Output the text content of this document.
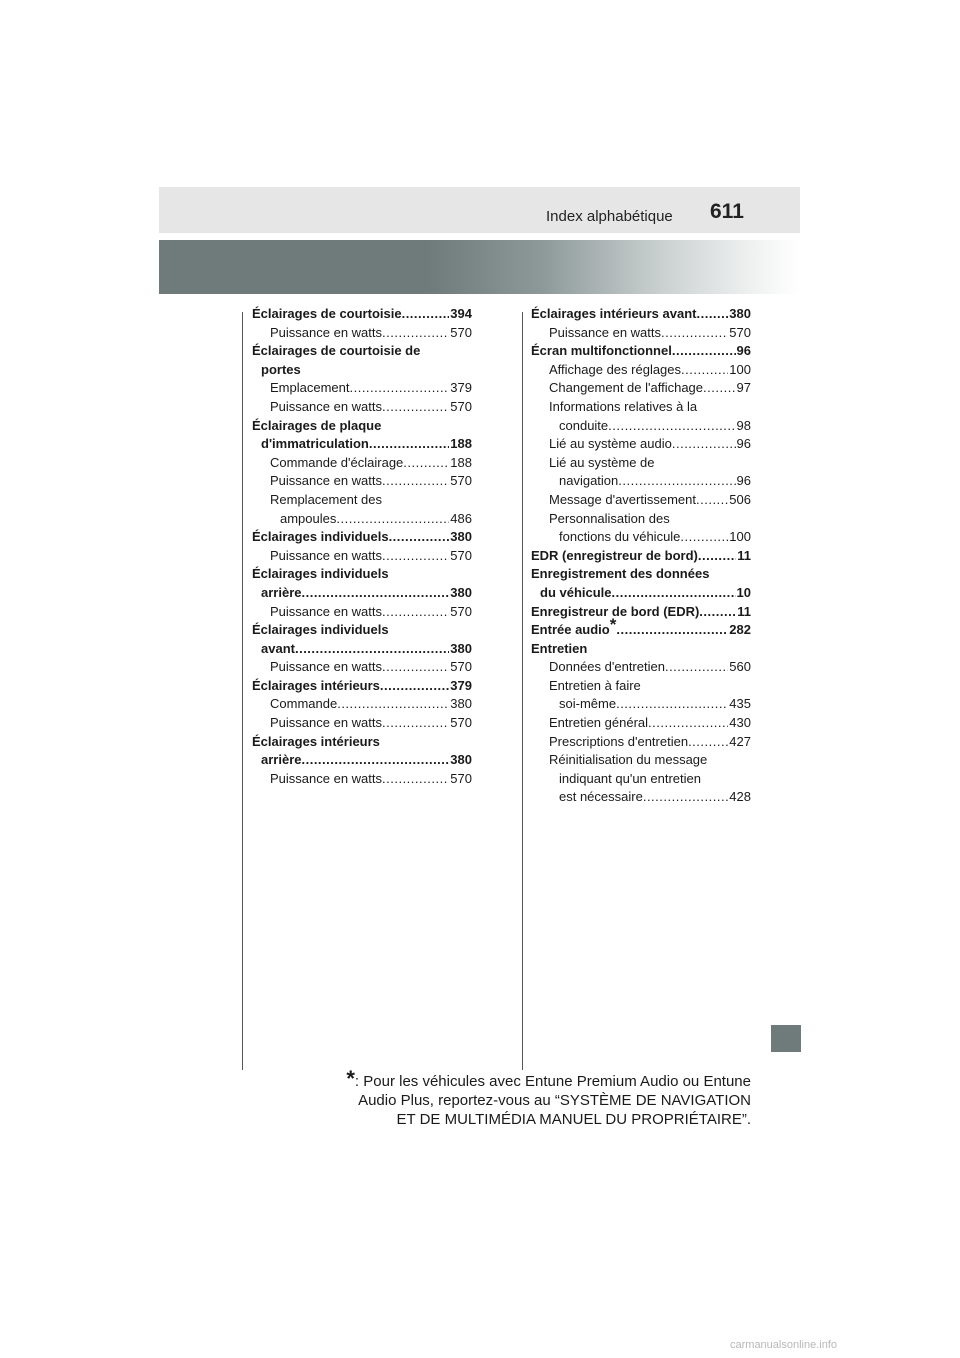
Index alphabétique 611
Éclairages de courtoisie .....	394
Puissance en watts .....	570
Éclairages de courtoisie de
portes
Emplacement .....	379
Puissance en watts .....	570
Éclairages de plaque
d'immatriculation .....	188
Commande d'éclairage .....	188
Puissance en watts .....	570
Remplacement des
ampoules .....	486
Éclairages individuels .....	380
Puissance en watts .....	570
Éclairages individuels
arrière .....	380
Puissance en watts .....	570
Éclairages individuels
avant .....	380
Puissance en watts .....	570
Éclairages intérieurs .....	379
Commande .....	380
Puissance en watts .....	570
Éclairages intérieurs
arrière .....	380
Puissance en watts .....	570
Éclairages intérieurs avant .....	380
Puissance en watts .....	570
Écran multifonctionnel .....	96
Affichage des réglages .....	100
Changement de l'affichage .....	97
Informations relatives à la
conduite .....	98
Lié au système audio .....	96
Lié au système de
navigation .....	96
Message d'avertissement .....	506
Personnalisation des
fonctions du véhicule .....	100
EDR (enregistreur de bord) .....	11
Enregistrement des données
du véhicule .....	10
Enregistreur de bord (EDR) .....	11
Entrée audio * .....	282
Entretien
Données d'entretien .....	560
Entretien à faire
soi-même .....	435
Entretien général .....	430
Prescriptions d'entretien .....	427
Réinitialisation du message
indiquant qu'un entretien
est nécessaire .....	428
*: Pour les véhicules avec Entune Premium Audio ou Entune
Audio Plus, reportez-vous au “SYSTÈME DE NAVIGATION
ET DE MULTIMÉDIA MANUEL DU PROPRIÉTAIRE”.
carmanualsonline.info
